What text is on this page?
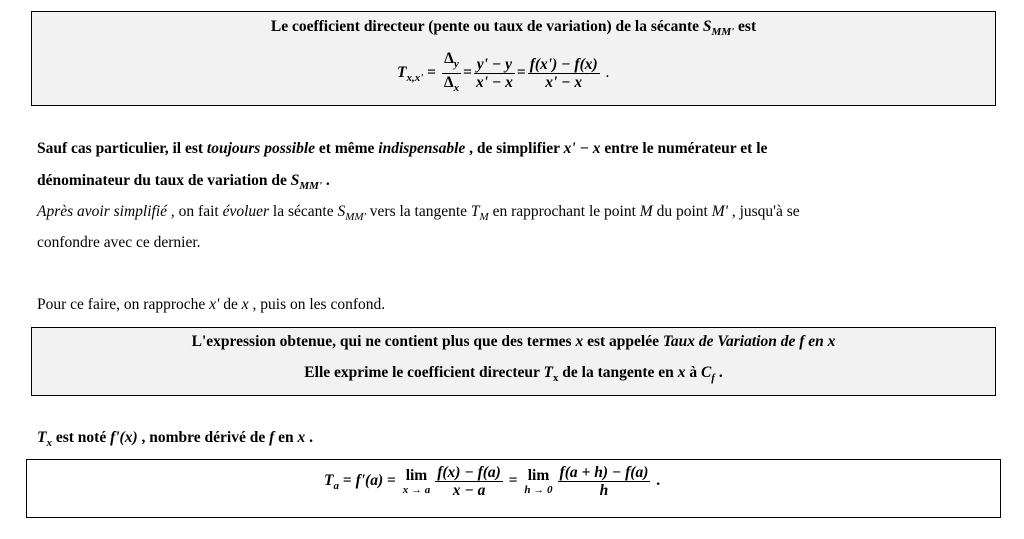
Le coefficient directeur (pente ou taux de variation) de la sécante $S_{MM'}$ est
$T_{x,x'} = \frac{\Delta_y}{\Delta_x} = \frac{y' - y}{x' - x} = \frac{f(x') - f(x)}{x' - x}$ .
Sauf cas particulier, il est toujours possible et même indispensable , de simplifier x' − x entre le numérateur et le
dénominateur du taux de variation de $S_{MM'}$ .
Après avoir simplifié , on fait évoluer la sécante $S_{MM'}$ vers la tangente $T_M$ en rapprochant le point M du point M' , jusqu'à se
confondre avec ce dernier.
Pour ce faire, on rapproche x' de x , puis on les confond.
L'expression obtenue, qui ne contient plus que des termes x est appelée Taux de Variation de f en x
Elle exprime le coefficient directeur $T_x$ de la tangente en x à $C_f$ .
$T_x$ est noté f'(x) , nombre dérivé de f en x .
$T_a = f'(a) = \lim$
x → a $\frac{f(x) - f(a)}{x - a} = \lim$
$h \to 0 \frac{f(a + h) - f(a)}{h}$ .
